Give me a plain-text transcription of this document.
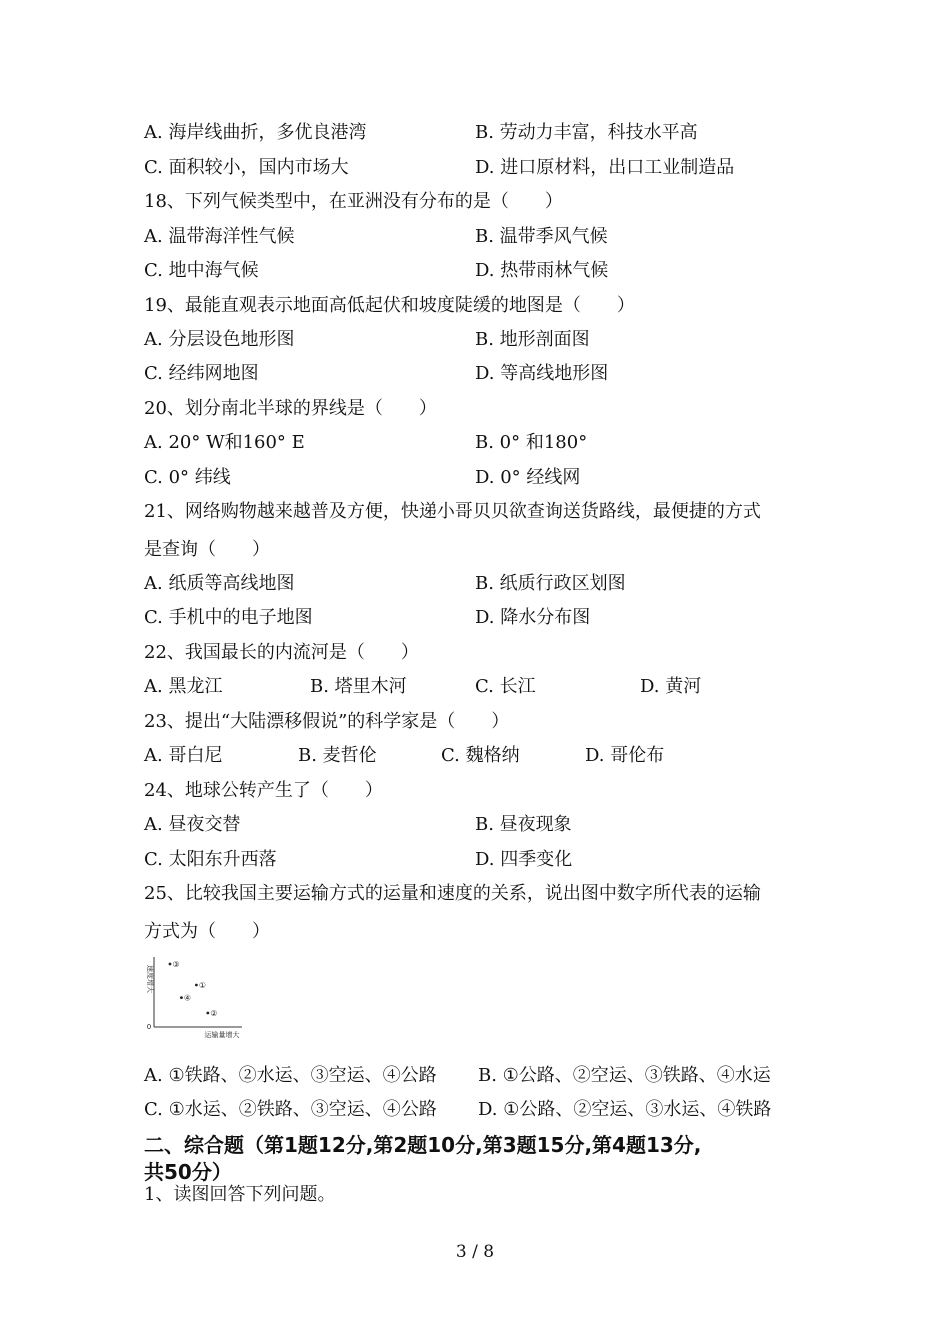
A. 海岸线曲折，多优良港湾	B. 劳动力丰富，科技水平高
C. 面积较小，国内市场大	D. 进口原材料，出口工业制造品
18、下列气候类型中，在亚洲没有分布的是（　　）
A. 温带海洋性气候	B. 温带季风气候
C. 地中海气候	D. 热带雨林气候
19、最能直观表示地面高低起伏和坡度陡缓的地图是（　　）
A. 分层设色地形图	B. 地形剖面图
C. 经纬网地图	D. 等高线地形图
20、划分南北半球的界线是（　　）
A. 20° W和160° E	B. 0° 和180°
C. 0° 纬线	D. 0° 经线网
21、网络购物越来越普及方便，快递小哥贝贝欲查询送货路线，最便捷的方式
是查询（　　）
A. 纸质等高线地图	B. 纸质行政区划图
C. 手机中的电子地图	D. 降水分布图
22、我国最长的内流河是（　　）
A. 黑龙江	B. 塔里木河	C. 长江	D. 黄河
23、提出“大陆漂移假说”的科学家是（　　）
A. 哥白尼	B. 麦哲伦	C. 魏格纳	D. 哥伦布
24、地球公转产生了（　　）
A. 昼夜交替	B. 昼夜现象
C. 太阳东升西落	D. 四季变化
25、比较我国主要运输方式的运量和速度的关系，说出图中数字所代表的运输
方式为（　　）
速度增大
运输量增大
0
③
①
④
②
A. ①铁路、②水运、③空运、④公路 B. ①公路、②空运、③铁路、④水运
C. ①水运、②铁路、③空运、④公路 D. ①公路、②空运、③水运、④铁路
二、综合题（第1题12分,第2题10分,第3题15分,第4题13分,
共50分）
1、读图回答下列问题。
3 / 8
